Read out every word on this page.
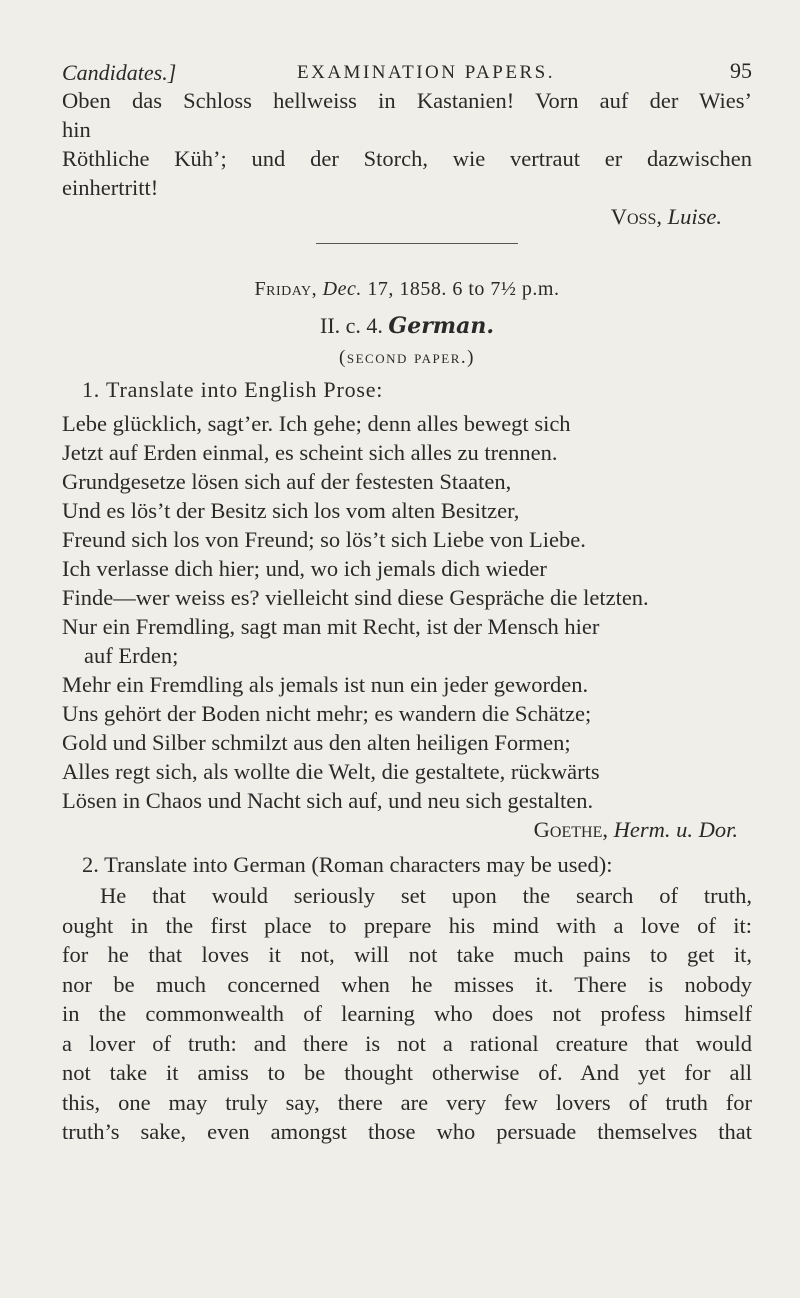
Candidates.]	EXAMINATION PAPERS.	95
Oben das Schloss hellweiss in Kastanien! Vorn auf der Wies’
hin
Röthliche Küh’; und der Storch, wie vertraut er dazwischen
einhertritt!
Voss, Luise.
Friday, Dec. 17, 1858. 6 to 7½ p.m.
II. c. 4. German.
(second paper.)
1. Translate into English Prose:
Lebe glücklich, sagt’er. Ich gehe; denn alles bewegt sich
Jetzt auf Erden einmal, es scheint sich alles zu trennen.
Grundgesetze lösen sich auf der festesten Staaten,
Und es lös’t der Besitz sich los vom alten Besitzer,
Freund sich los von Freund; so lös’t sich Liebe von Liebe.
Ich verlasse dich hier; und, wo ich jemals dich wieder
Finde—wer weiss es? vielleicht sind diese Gespräche die letzten.
Nur ein Fremdling, sagt man mit Recht, ist der Mensch hier
auf Erden;
Mehr ein Fremdling als jemals ist nun ein jeder geworden.
Uns gehört der Boden nicht mehr; es wandern die Schätze;
Gold und Silber schmilzt aus den alten heiligen Formen;
Alles regt sich, als wollte die Welt, die gestaltete, rückwärts
Lösen in Chaos und Nacht sich auf, und neu sich gestalten.
Goethe, Herm. u. Dor.
2. Translate into German (Roman characters may be used):
He that would seriously set upon the search of truth,
ought in the first place to prepare his mind with a love of it:
for he that loves it not, will not take much pains to get it,
nor be much concerned when he misses it. There is nobody
in the commonwealth of learning who does not profess himself
a lover of truth: and there is not a rational creature that would
not take it amiss to be thought otherwise of. And yet for all
this, one may truly say, there are very few lovers of truth for
truth’s sake, even amongst those who persuade themselves that
